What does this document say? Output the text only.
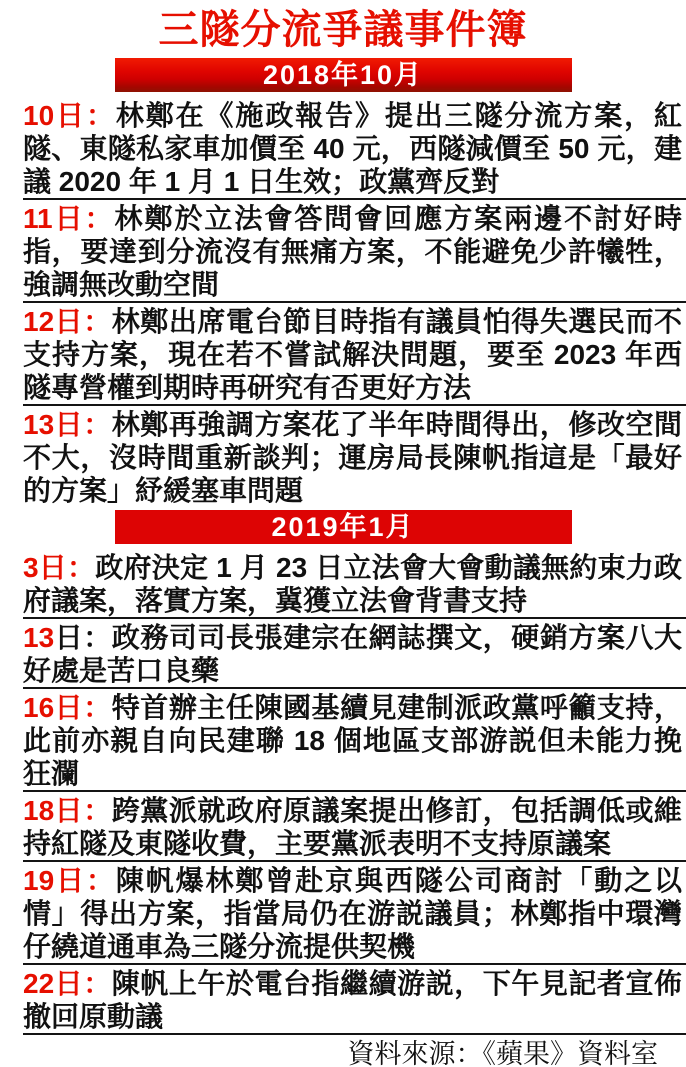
三隧分流爭議事件簿
2018年10月
10日：林鄭在《施政報告》提出三隧分流方案，紅隧、東隧私家車加價至 40 元，西隧減價至 50 元，建議 2020 年 1 月 1 日生效；政黨齊反對
11日：林鄭於立法會答問會回應方案兩邊不討好時指，要達到分流沒有無痛方案，不能避免少許犧牲，強調無改動空間
12日：林鄭出席電台節目時指有議員怕得失選民而不支持方案，現在若不嘗試解決問題，要至 2023 年西隧專營權到期時再研究有否更好方法
13日：林鄭再強調方案花了半年時間得出，修改空間不大，沒時間重新談判；運房局長陳帆指這是「最好的方案」紓緩塞車問題
2019年1月
3日：政府決定 1 月 23 日立法會大會動議無約束力政府議案，落實方案，冀獲立法會背書支持
13日：政務司司長張建宗在網誌撰文，硬銷方案八大好處是苦口良藥
16日：特首辦主任陳國基續見建制派政黨呼籲支持，此前亦親自向民建聯 18 個地區支部游説但未能力挽狂瀾
18日：跨黨派就政府原議案提出修訂，包括調低或維持紅隧及東隧收費，主要黨派表明不支持原議案
19日：陳帆爆林鄭曾赴京與西隧公司商討「動之以情」得出方案，指當局仍在游説議員；林鄭指中環灣仔繞道通車為三隧分流提供契機
22日：陳帆上午於電台指繼續游説，下午見記者宣佈撤回原動議
資料來源：《蘋果》資料室
